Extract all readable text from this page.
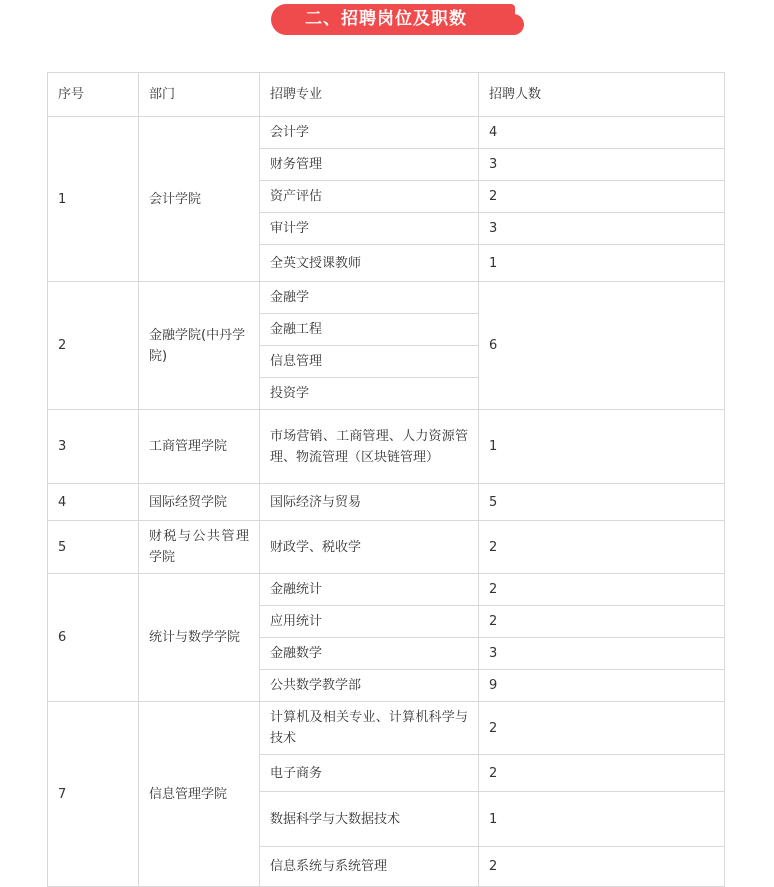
二、招聘岗位及职数
序号	部门	招聘专业	招聘人数
1	会计学院	会计学	4
		财务管理	3
		资产评估	2
		审计学	3
		全英文授课教师	1
2	金融学院(中丹学院)	金融学	6
		金融工程	
		信息管理	
		投资学	
3	工商管理学院	市场营销、工商管理、人力资源管理、物流管理（区块链管理）	1
4	国际经贸学院	国际经济与贸易	5
5	财税与公共管理学院	财政学、税收学	2
6	统计与数学学院	金融统计	2
		应用统计	2
		金融数学	3
		公共数学教学部	9
7	信息管理学院	计算机及相关专业、计算机科学与技术	2
		电子商务	2
		数据科学与大数据技术	1
		信息系统与系统管理	2
